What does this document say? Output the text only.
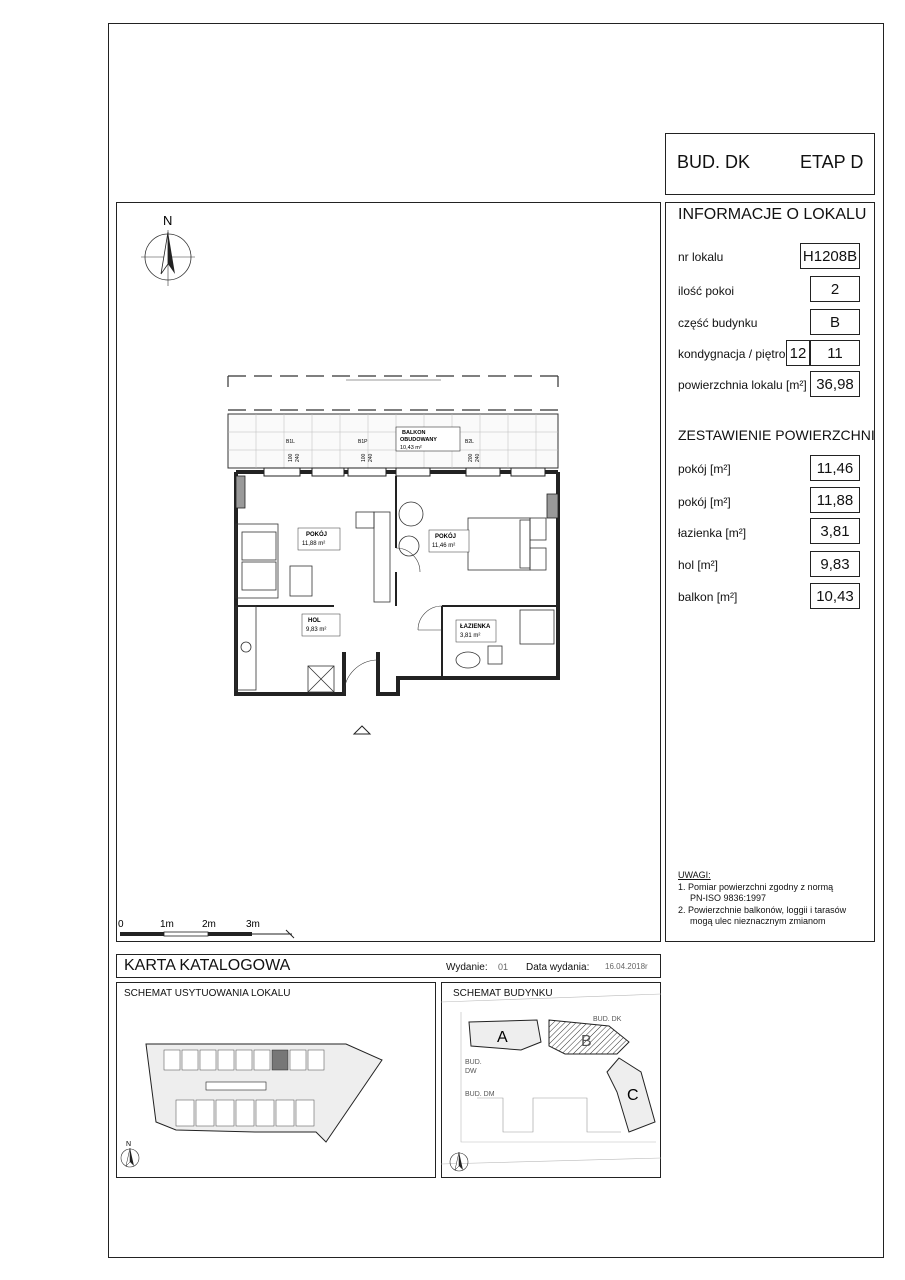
BUD. DK	ETAP D
INFORMACJE O LOKALU
nr lokalu	H1208B
ilość pokoi	2
część budynku	B
kondygnacja / piętro 12	11
powierzchnia lokalu [m²] 36,98
ZESTAWIENIE POWIERZCHNI
pokój [m²]	11,46
pokój [m²]	11,88
łazienka [m²]	3,81
hol [m²]	9,83
balkon [m²]	10,43
UWAGI:
1. Pomiar powierzchni zgodny z normą
PN-ISO 9836:1997
2. Powierzchnie balkonów, loggii i tarasów
mogą ulec nieznacznym zmianom
N
BALKON
OBUDOWANY
10,43 m²
B1L	B1P	B2L
100 240	100 240	200 240
POKÓJ
11,88 m²
POKÓJ
11,46 m²
HOL
9,83 m²	ŁAZIENKA
3,81 m²
0	1m	2m	3m
KARTA KATALOGOWA	Wydanie: 01 Data wydania: 16.04.2018r
SCHEMAT USYTUOWANIA LOKALU
N
SCHEMAT BUDYNKU
A	B
C
BUD. DK
BUD.
DW
BUD. DM
